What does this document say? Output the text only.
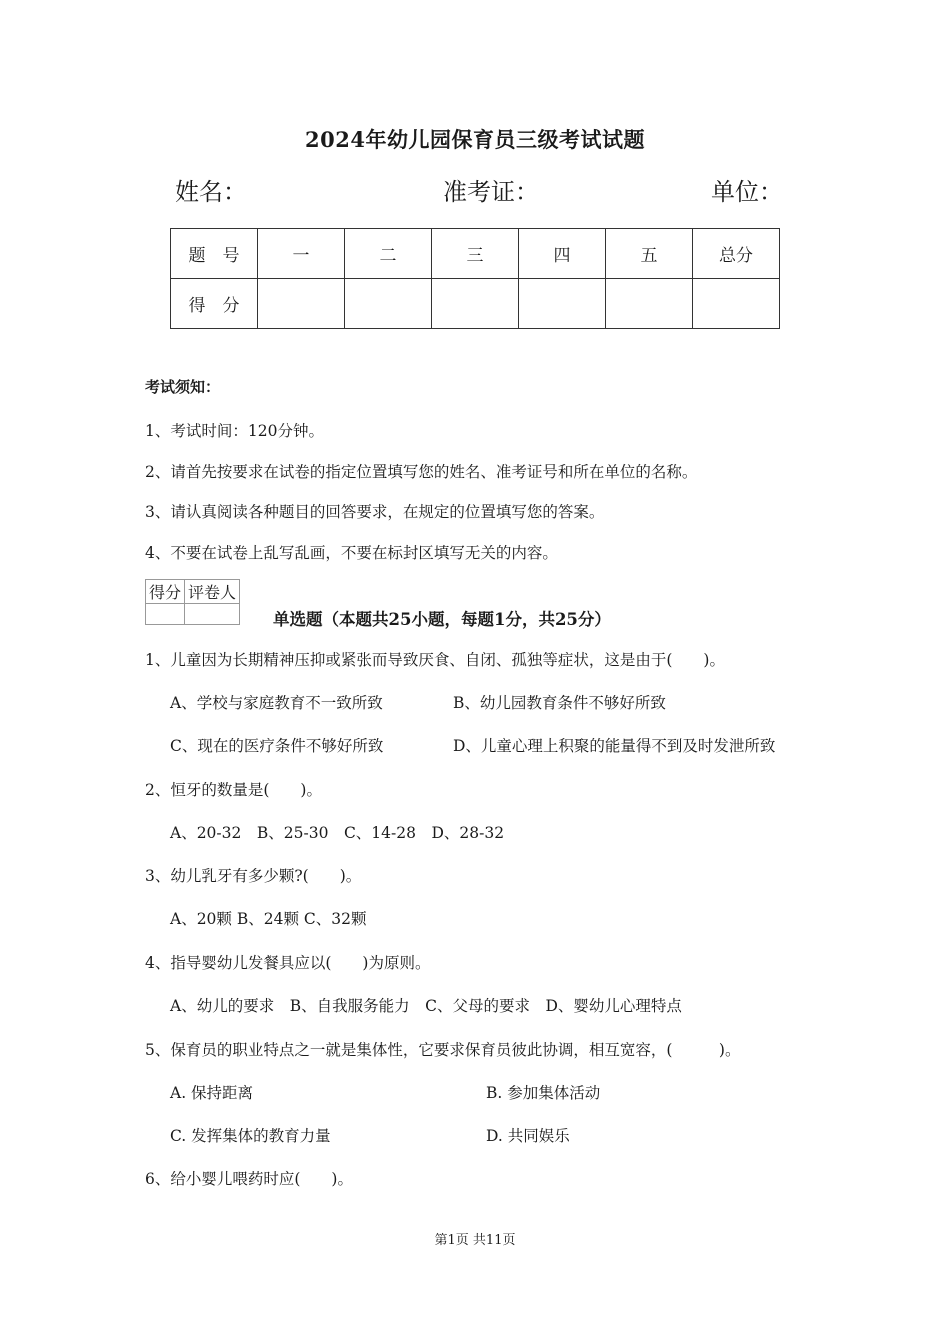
2024年幼儿园保育员三级考试试题
姓名：	准考证：	单位：
题　号	一	二	三	四	五	总分
得　分						
考试须知：
1、考试时间：120分钟。
2、请首先按要求在试卷的指定位置填写您的姓名、准考证号和所在单位的名称。
3、请认真阅读各种题目的回答要求，在规定的位置填写您的答案。
4、不要在试卷上乱写乱画，不要在标封区填写无关的内容。
得分	评卷人

单选题（本题共25小题，每题1分，共25分）
1、儿童因为长期精神压抑或紧张而导致厌食、自闭、孤独等症状，这是由于(　　)。
A、学校与家庭教育不一致所致	B、幼儿园教育条件不够好所致
C、现在的医疗条件不够好所致	D、儿童心理上积聚的能量得不到及时发泄所致
2、恒牙的数量是(　　)。
A、20-32　B、25-30　C、14-28　D、28-32
3、幼儿乳牙有多少颗?(　　)。
A、20颗 B、24颗 C、32颗
4、指导婴幼儿发餐具应以(　　)为原则。
A、幼儿的要求　B、自我服务能力　C、父母的要求　D、婴幼儿心理特点
5、保育员的职业特点之一就是集体性，它要求保育员彼此协调，相互宽容，(　　　)。
A. 保持距离	B. 参加集体活动
C. 发挥集体的教育力量	D. 共同娱乐
6、给小婴儿喂药时应(　　)。
第1页 共11页
